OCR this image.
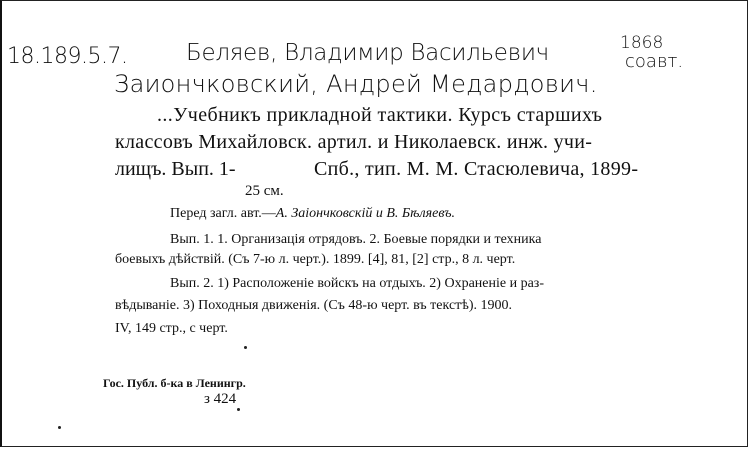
18.189.5.7.	Беляев, Владимир Васильевич	1868
соавт.
Заиончковский, Андрей Медардович.
...Учебникъ прикладной тактики. Курсъ старшихъ
классовъ Михайловск. артил. и Николаевск. инж. учи-
лищъ. Вып. 1-	Спб., тип. М. М. Стасюлевича, 1899-
25 см.
Перед загл. авт.—А. Заіончковскій и В. Бѣляевъ.
Вып. 1. 1. Организація отрядовъ. 2. Боевые порядки и техника
боевыхъ дѣйствій. (Съ 7-ю л. черт.). 1899. [4], 81, [2] стр., 8 л. черт.
Вып. 2. 1) Расположеніе войскъ на отдыхъ. 2) Охраненіе и раз-
вѣдываніе. 3) Походныя движенія. (Съ 48-ю черт. въ текстѣ). 1900.
IV, 149 стр., с черт.
Гос. Публ. б-ка в Ленингр.
з 424
